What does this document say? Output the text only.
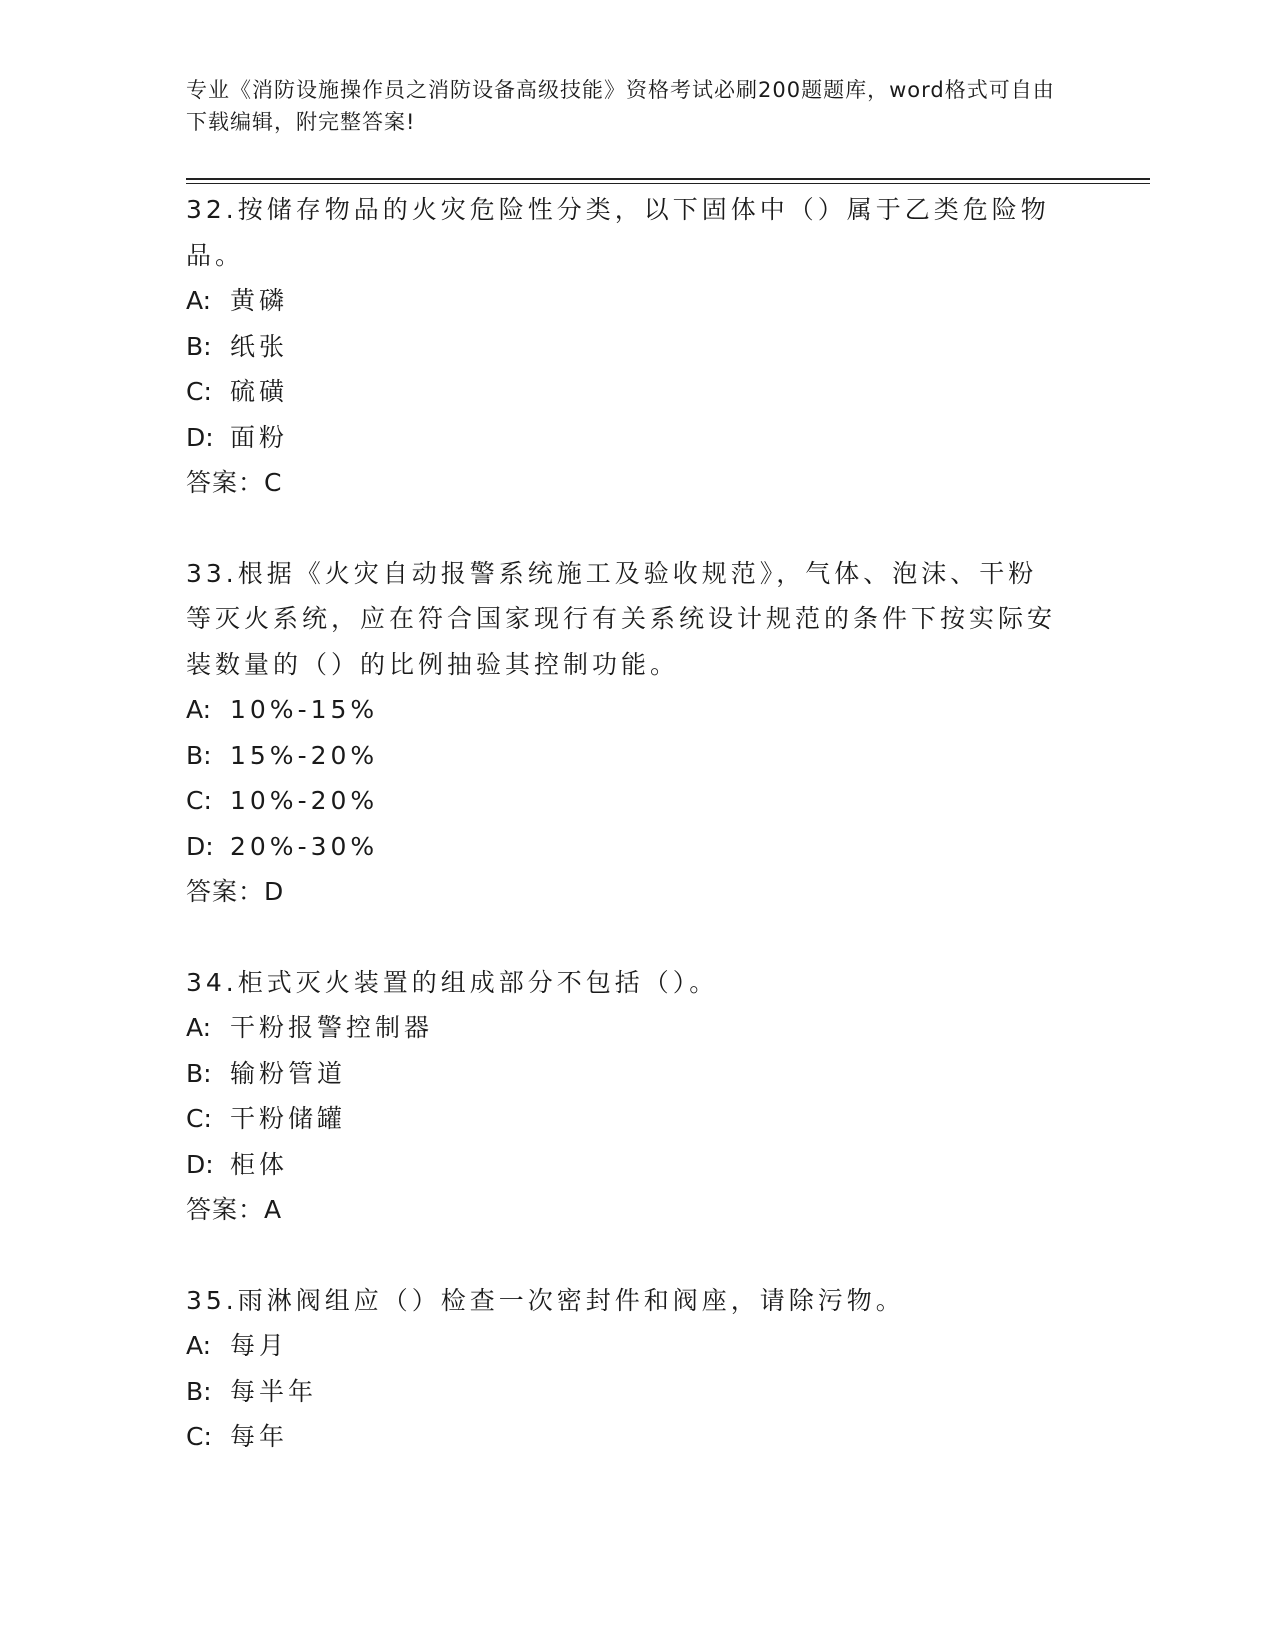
专业《消防设施操作员之消防设备高级技能》资格考试必刷200题题库，word格式可自由下载编辑，附完整答案!
32.按储存物品的火灾危险性分类，以下固体中（）属于乙类危险物品。
A: 黄磷
B: 纸张
C: 硫磺
D: 面粉
答案：C
33.根据《火灾自动报警系统施工及验收规范》，气体、泡沫、干粉等灭火系统，应在符合国家现行有关系统设计规范的条件下按实际安装数量的（）的比例抽验其控制功能。
A: 10%-15%
B: 15%-20%
C: 10%-20%
D: 20%-30%
答案：D
34.柜式灭火装置的组成部分不包括（）。
A: 干粉报警控制器
B: 输粉管道
C: 干粉储罐
D: 柜体
答案：A
35.雨淋阀组应（）检查一次密封件和阀座，请除污物。
A: 每月
B: 每半年
C: 每年
